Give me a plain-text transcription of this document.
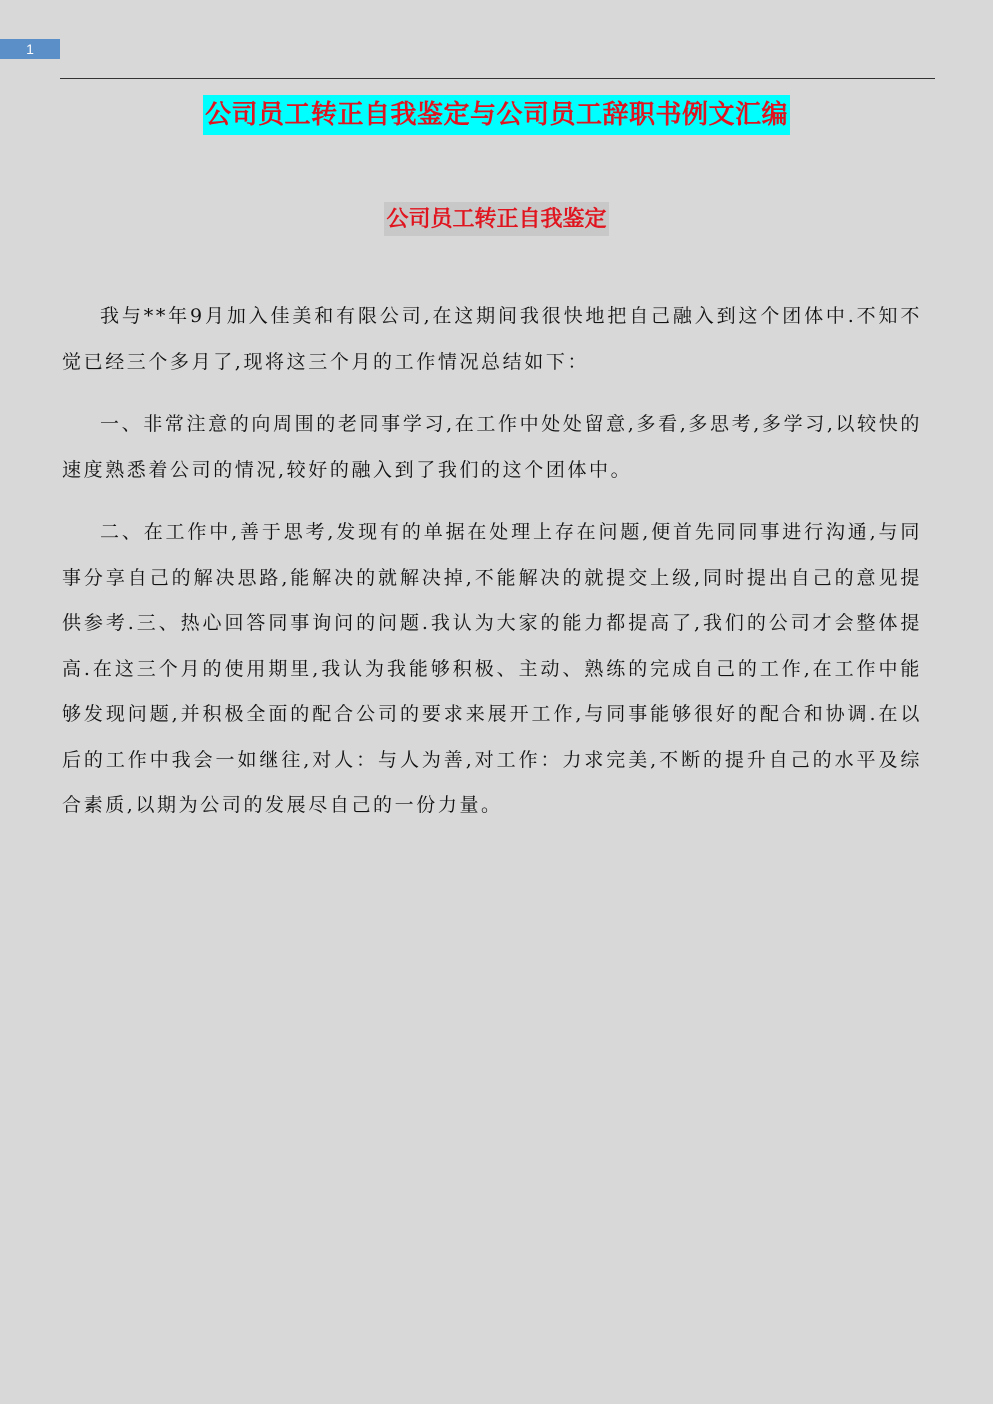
1
公司员工转正自我鉴定与公司员工辞职书例文汇编
公司员工转正自我鉴定

我与**年9月加入佳美和有限公司,在这期间我很快地把自己融入到这个团体中.不知不觉已经三个多月了,现将这三个月的工作情况总结如下：

一、非常注意的向周围的老同事学习,在工作中处处留意,多看,多思考,多学习,以较快的速度熟悉着公司的情况,较好的融入到了我们的这个团体中。

二、在工作中,善于思考,发现有的单据在处理上存在问题,便首先同同事进行沟通,与同事分享自己的解决思路,能解决的就解决掉,不能解决的就提交上级,同时提出自己的意见提供参考.三、热心回答同事询问的问题.我认为大家的能力都提高了,我们的公司才会整体提高.在这三个月的使用期里,我认为我能够积极、主动、熟练的完成自己的工作,在工作中能够发现问题,并积极全面的配合公司的要求来展开工作,与同事能够很好的配合和协调.在以后的工作中我会一如继往,对人：与人为善,对工作：力求完美,不断的提升自己的水平及综合素质,以期为公司的发展尽自己的一份力量。
